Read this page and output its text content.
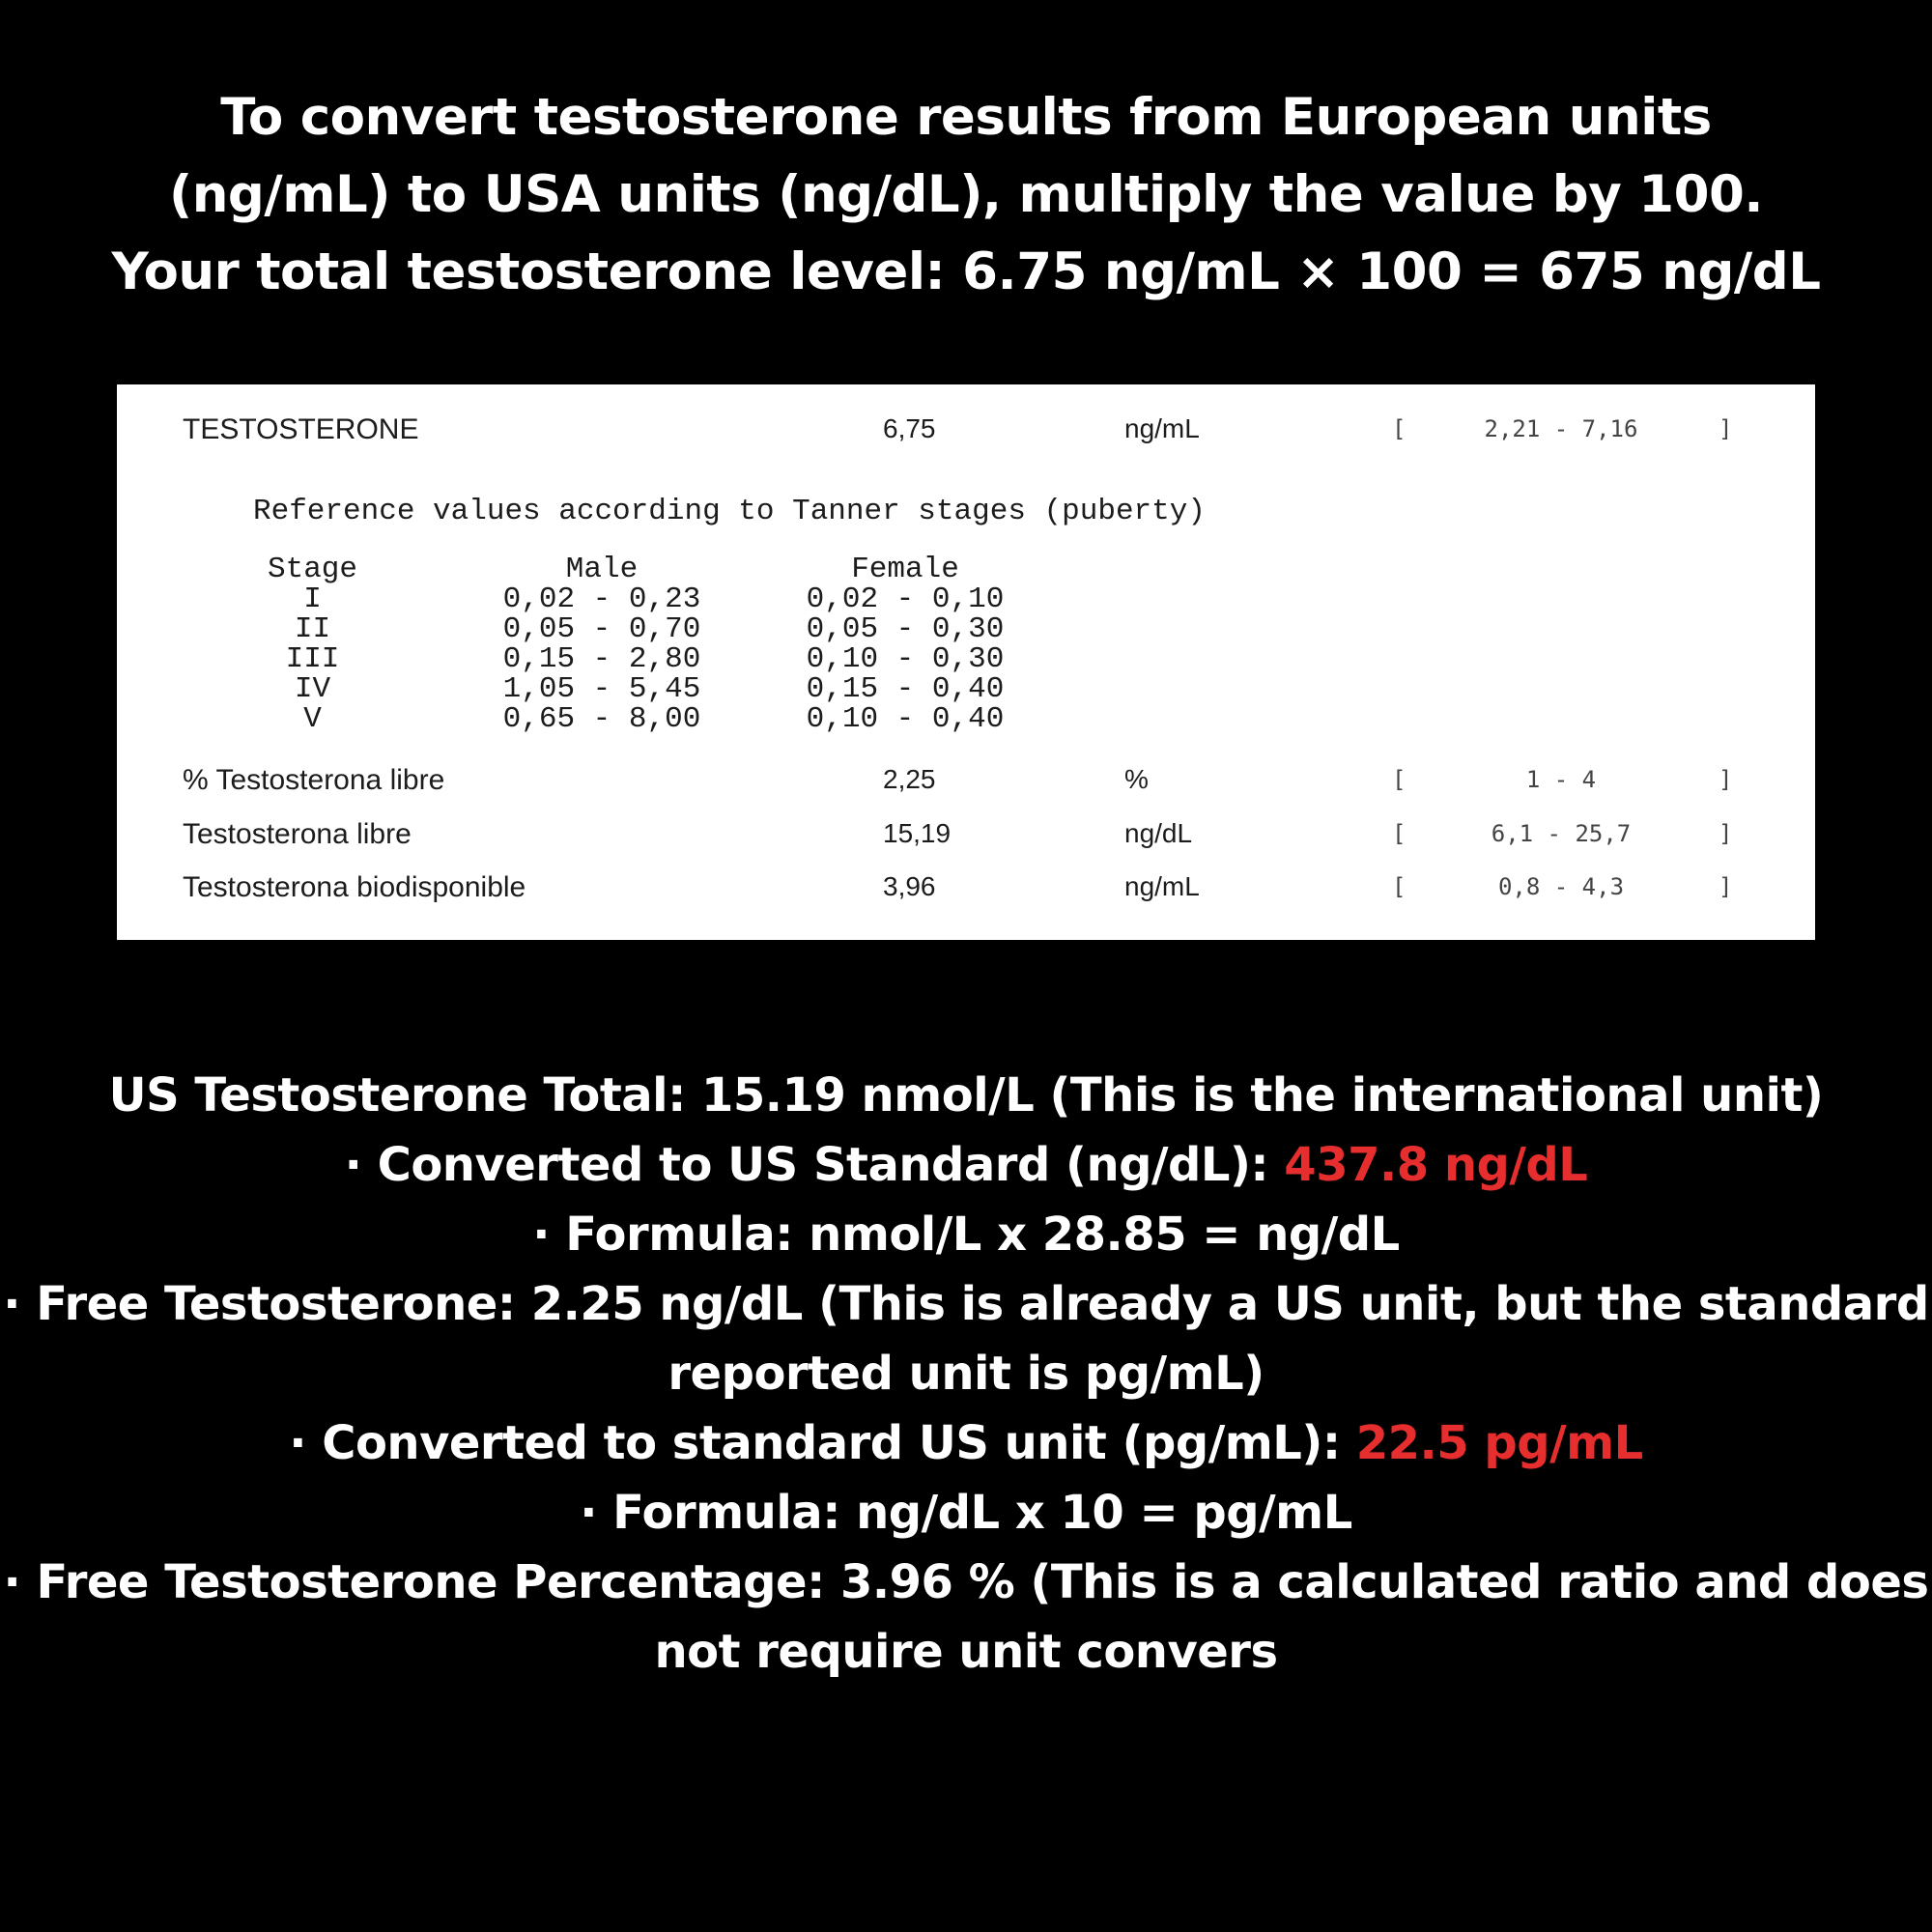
To convert testosterone results from European units
(ng/mL) to USA units (ng/dL), multiply the value by 100.
Your total testosterone level: 6.75 ng/mL × 100 = 675 ng/dL
TESTOSTERONE	6,75	ng/mL	[	2,21 - 7,16	]
Reference values according to Tanner stages (puberty)
Stage	Male	Female
I	0,02 - 0,23	0,02 - 0,10
II	0,05 - 0,70	0,05 - 0,30
III	0,15 - 2,80	0,10 - 0,30
IV	1,05 - 5,45	0,15 - 0,40
V	0,65 - 8,00	0,10 - 0,40
% Testosterona libre	2,25	%	[	1 - 4	]
Testosterona libre	15,19	ng/dL	[	6,1 - 25,7	]
Testosterona biodisponible	3,96	ng/mL	[	0,8 - 4,3	]
US Testosterone Total: 15.19 nmol/L (This is the international unit)
· Converted to US Standard (ng/dL): 437.8 ng/dL
· Formula: nmol/L x 28.85 = ng/dL
· Free Testosterone: 2.25 ng/dL (This is already a US unit, but the standard
reported unit is pg/mL)
· Converted to standard US unit (pg/mL): 22.5 pg/mL
· Formula: ng/dL x 10 = pg/mL
· Free Testosterone Percentage: 3.96 % (This is a calculated ratio and does
not require unit convers
